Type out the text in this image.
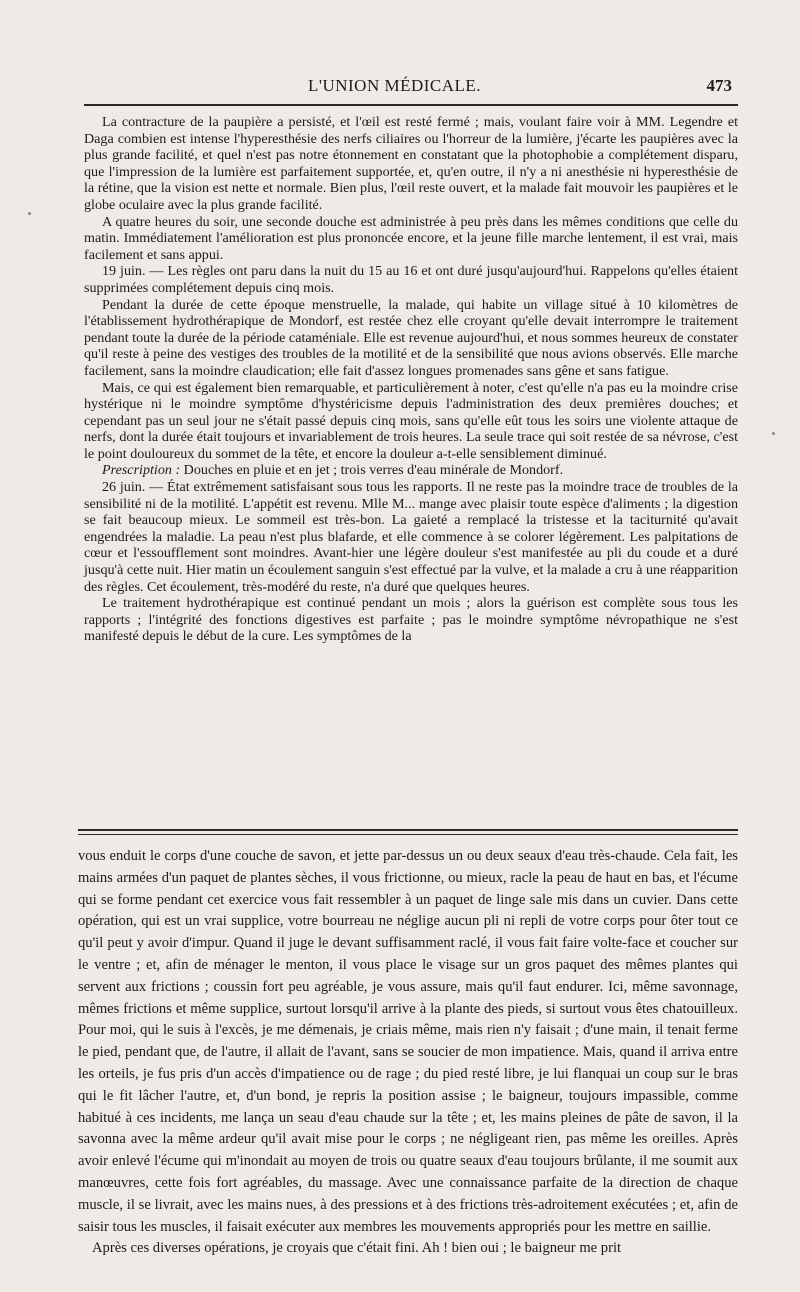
L'UNION MÉDICALE.	473

La contracture de la paupière a persisté, et l'œil est resté fermé ; mais, voulant faire voir à MM. Legendre et Daga combien est intense l'hyperesthésie des nerfs ciliaires ou l'horreur de la lumière, j'écarte les paupières avec la plus grande facilité, et quel n'est pas notre étonnement en constatant que la photophobie a complétement disparu, que l'impression de la lumière est parfaitement supportée, et, qu'en outre, il n'y a ni anesthésie ni hyperesthésie de la rétine, que la vision est nette et normale. Bien plus, l'œil reste ouvert, et la malade fait mouvoir les paupières et le globe oculaire avec la plus grande facilité.

A quatre heures du soir, une seconde douche est administrée à peu près dans les mêmes conditions que celle du matin. Immédiatement l'amélioration est plus prononcée encore, et la jeune fille marche lentement, il est vrai, mais facilement et sans appui.

19 juin. — Les règles ont paru dans la nuit du 15 au 16 et ont duré jusqu'aujourd'hui. Rappelons qu'elles étaient supprimées complétement depuis cinq mois.

Pendant la durée de cette époque menstruelle, la malade, qui habite un village situé à 10 kilomètres de l'établissement hydrothérapique de Mondorf, est restée chez elle croyant qu'elle devait interrompre le traitement pendant toute la durée de la période cataméniale. Elle est revenue aujourd'hui, et nous sommes heureux de constater qu'il reste à peine des vestiges des troubles de la motilité et de la sensibilité que nous avions observés. Elle marche facilement, sans la moindre claudication; elle fait d'assez longues promenades sans gêne et sans fatigue.

Mais, ce qui est également bien remarquable, et particulièrement à noter, c'est qu'elle n'a pas eu la moindre crise hystérique ni le moindre symptôme d'hystéricisme depuis l'administration des deux premières douches; et cependant pas un seul jour ne s'était passé depuis cinq mois, sans qu'elle eût tous les soirs une violente attaque de nerfs, dont la durée était toujours et invariablement de trois heures. La seule trace qui soit restée de sa névrose, c'est le point douloureux du sommet de la tête, et encore la douleur a-t-elle sensiblement diminué.

Prescription : Douches en pluie et en jet ; trois verres d'eau minérale de Mondorf.

26 juin. — État extrêmement satisfaisant sous tous les rapports. Il ne reste pas la moindre trace de troubles de la sensibilité ni de la motilité. L'appétit est revenu. Mlle M... mange avec plaisir toute espèce d'aliments ; la digestion se fait beaucoup mieux. Le sommeil est très-bon. La gaieté a remplacé la tristesse et la taciturnité qu'avait engendrées la maladie. La peau n'est plus blafarde, et elle commence à se colorer légèrement. Les palpitations de cœur et l'essoufflement sont moindres. Avant-hier une légère douleur s'est manifestée au pli du coude et a duré jusqu'à cette nuit. Hier matin un écoulement sanguin s'est effectué par la vulve, et la malade a cru à une réapparition des règles. Cet écoulement, très-modéré du reste, n'a duré que quelques heures.

Le traitement hydrothérapique est continué pendant un mois ; alors la guérison est complète sous tous les rapports ; l'intégrité des fonctions digestives est parfaite ; pas le moindre symptôme névropathique ne s'est manifesté depuis le début de la cure. Les symptômes de la

vous enduit le corps d'une couche de savon, et jette par-dessus un ou deux seaux d'eau très-chaude. Cela fait, les mains armées d'un paquet de plantes sèches, il vous frictionne, ou mieux, racle la peau de haut en bas, et l'écume qui se forme pendant cet exercice vous fait ressembler à un paquet de linge sale mis dans un cuvier. Dans cette opération, qui est un vrai supplice, votre bourreau ne néglige aucun pli ni repli de votre corps pour ôter tout ce qu'il peut y avoir d'impur. Quand il juge le devant suffisamment raclé, il vous fait faire volte-face et coucher sur le ventre ; et, afin de ménager le menton, il vous place le visage sur un gros paquet des mêmes plantes qui servent aux frictions ; coussin fort peu agréable, je vous assure, mais qu'il faut endurer. Ici, même savonnage, mêmes frictions et même supplice, surtout lorsqu'il arrive à la plante des pieds, si surtout vous êtes chatouilleux. Pour moi, qui le suis à l'excès, je me démenais, je criais même, mais rien n'y faisait ; d'une main, il tenait ferme le pied, pendant que, de l'autre, il allait de l'avant, sans se soucier de mon impatience. Mais, quand il arriva entre les orteils, je fus pris d'un accès d'impatience ou de rage ; du pied resté libre, je lui flanquai un coup sur le bras qui le fit lâcher l'autre, et, d'un bond, je repris la position assise ; le baigneur, toujours impassible, comme habitué à ces incidents, me lança un seau d'eau chaude sur la tête ; et, les mains pleines de pâte de savon, il la savonna avec la même ardeur qu'il avait mise pour le corps ; ne négligeant rien, pas même les oreilles. Après avoir enlevé l'écume qui m'inondait au moyen de trois ou quatre seaux d'eau toujours brûlante, il me soumit aux manœuvres, cette fois fort agréables, du massage. Avec une connaissance parfaite de la direction de chaque muscle, il se livrait, avec les mains nues, à des pressions et à des frictions très-adroitement exécutées ; et, afin de saisir tous les muscles, il faisait exécuter aux membres les mouvements appropriés pour les mettre en saillie.

Après ces diverses opérations, je croyais que c'était fini. Ah ! bien oui ; le baigneur me prit
